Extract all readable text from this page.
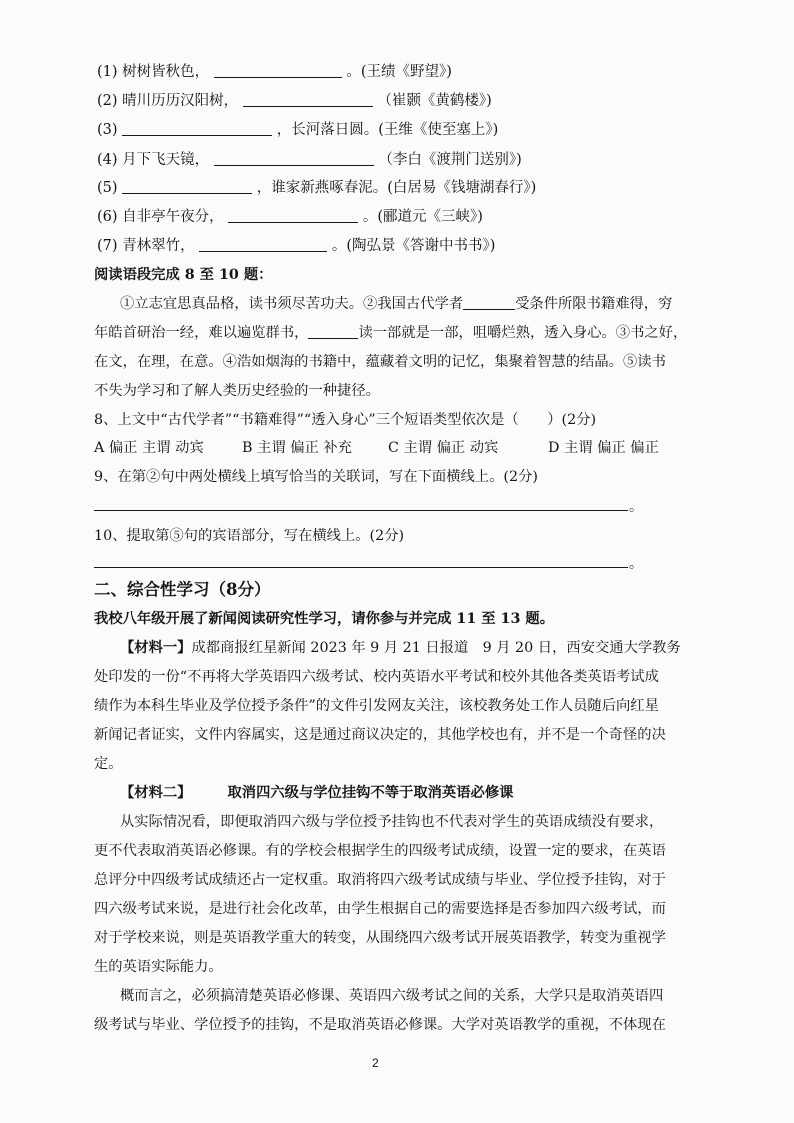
(1) 树树皆秋色，	。(王绩《野望》)
(2) 晴川历历汉阳树，	（崔颢《黄鹤楼》)
(3)	，长河落日圆。(王维《使至塞上》)
(4) 月下飞天镜，	（李白《渡荆门送别》)
(5)	，谁家新燕啄春泥。(白居易《钱塘湖春行》)
(6) 自非亭午夜分，	。(郦道元《三峡》)
(7) 青林翠竹，	。(陶弘景《答谢中书书》)
阅读语段完成 8 至 10 题：
①立志宜思真品格，读书须尽苦功夫。②我国古代学者	受条件所限书籍难得，穷
年皓首研治一经，难以遍览群书，	读一部就是一部，咀嚼烂熟，透入身心。③书之好，
在文，在理，在意。④浩如烟海的书籍中，蕴藏着文明的记忆，集聚着智慧的结晶。⑤读书
不失为学习和了解人类历史经验的一种捷径。
8、上文中“古代学者”“书籍难得”“透入身心”三个短语类型依次是（　　）(2分)
A 偏正 主谓 动宾	B 主谓 偏正 补充	C 主谓 偏正 动宾	D 主谓 偏正 偏正
9、在第②句中两处横线上填写恰当的关联词，写在下面横线上。(2分)
。
10、提取第⑤句的宾语部分，写在横线上。(2分)
。
二、综合性学习（8分）
我校八年级开展了新闻阅读研究性学习，请你参与并完成 11 至 13 题。
【材料一】成都商报红星新闻 2023 年 9 月 21 日报道　9 月 20 日，西安交通大学教务
处印发的一份“不再将大学英语四六级考试、校内英语水平考试和校外其他各类英语考试成
绩作为本科生毕业及学位授予条件”的文件引发网友关注，该校教务处工作人员随后向红星
新闻记者证实，文件内容属实，这是通过商议决定的，其他学校也有，并不是一个奇怪的决
定。
【材料二】	取消四六级与学位挂钩不等于取消英语必修课
从实际情况看，即便取消四六级与学位授予挂钩也不代表对学生的英语成绩没有要求，
更不代表取消英语必修课。有的学校会根据学生的四级考试成绩，设置一定的要求，在英语
总评分中四级考试成绩还占一定权重。取消将四六级考试成绩与毕业、学位授予挂钩，对于
四六级考试来说，是进行社会化改革，由学生根据自己的需要选择是否参加四六级考试，而
对于学校来说，则是英语教学重大的转变，从围绕四六级考试开展英语教学，转变为重视学
生的英语实际能力。
概而言之，必须搞清楚英语必修课、英语四六级考试之间的关系，大学只是取消英语四
级考试与毕业、学位授予的挂钩，不是取消英语必修课。大学对英语教学的重视，不体现在
2
